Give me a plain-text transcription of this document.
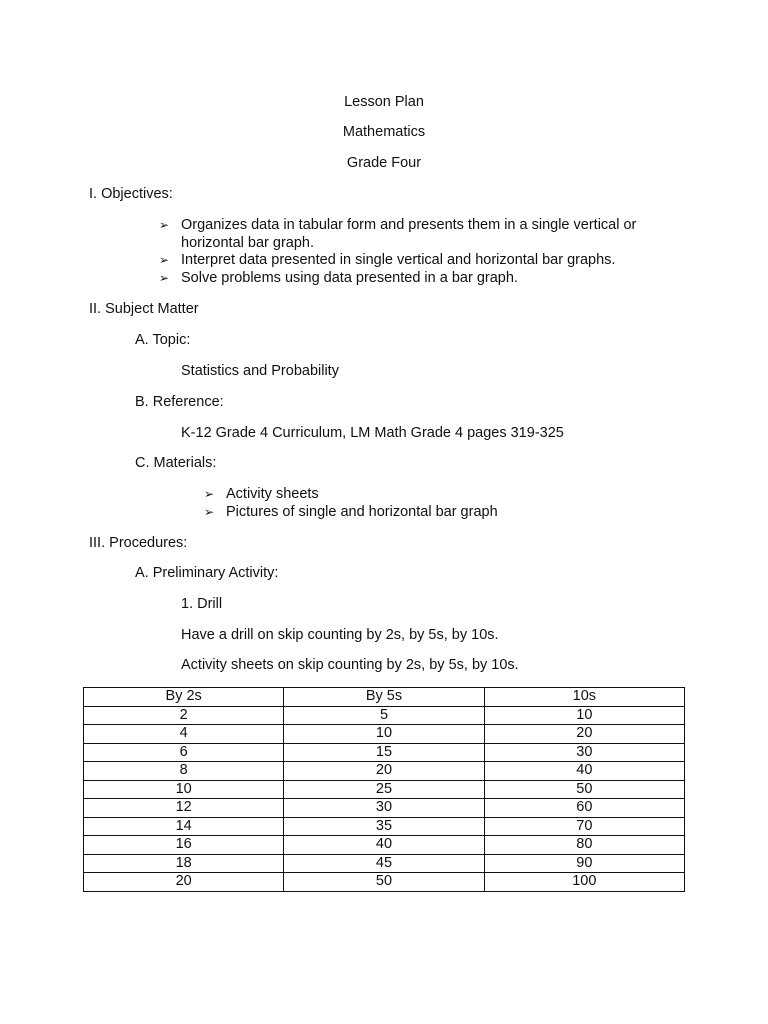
Lesson Plan
Mathematics
Grade Four
I. Objectives:
➢ Organizes data in tabular form and presents them in a single vertical or
horizontal bar graph.
➢ Interpret data presented in single vertical and horizontal bar graphs.
➢ Solve problems using data presented in a bar graph.
II. Subject Matter
A. Topic:
Statistics and Probability
B. Reference:
K-12 Grade 4 Curriculum, LM Math Grade 4 pages 319-325
C. Materials:
➢ Activity sheets
➢ Pictures of single and horizontal bar graph
III. Procedures:
A. Preliminary Activity:
1. Drill
Have a drill on skip counting by 2s, by 5s, by 10s.
Activity sheets on skip counting by 2s, by 5s, by 10s.
By 2s	By 5s	10s
2	5	10
4	10	20
6	15	30
8	20	40
10	25	50
12	30	60
14	35	70
16	40	80
18	45	90
20	50	100
